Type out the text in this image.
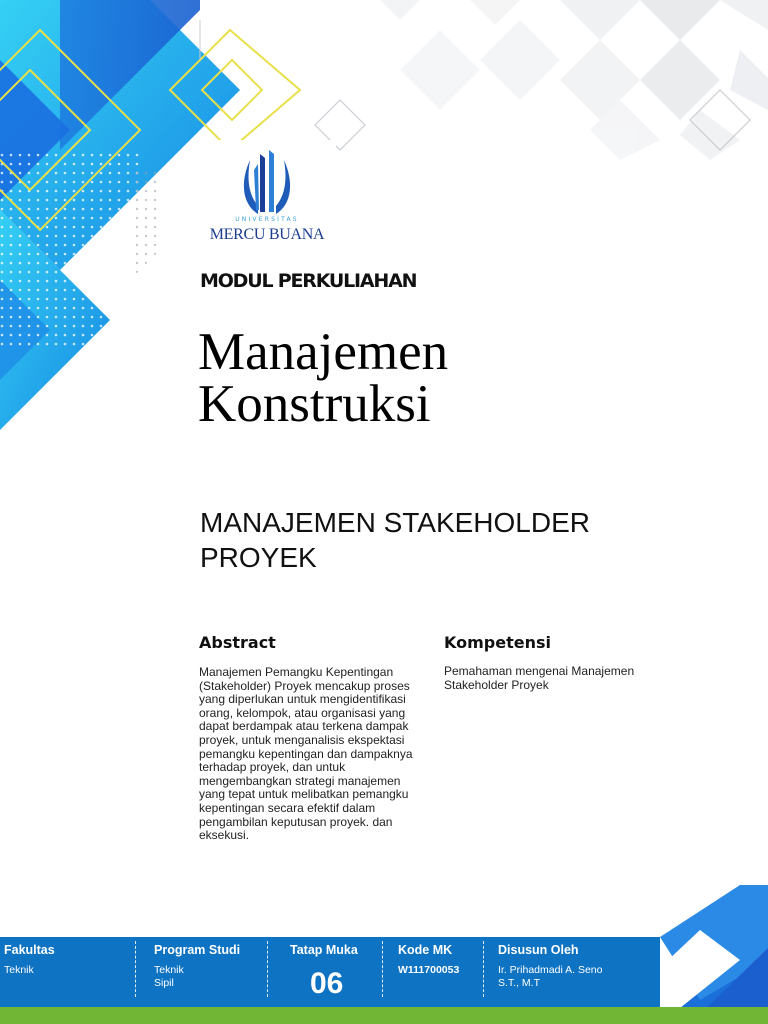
UNIVERSITAS
MERCU BUANA
MODUL PERKULIAHAN
Manajemen
Konstruksi
MANAJEMEN STAKEHOLDER
PROYEK
Abstract
Manajemen Pemangku Kepentingan
(Stakeholder) Proyek mencakup proses
yang diperlukan untuk mengidentifikasi
orang, kelompok, atau organisasi yang
dapat berdampak atau terkena dampak
proyek, untuk menganalisis ekspektasi
pemangku kepentingan dan dampaknya
terhadap proyek, dan untuk
mengembangkan strategi manajemen
yang tepat untuk melibatkan pemangku
kepentingan secara efektif dalam
pengambilan keputusan proyek. dan
eksekusi.
Kompetensi
Pemahaman mengenai Manajemen
Stakeholder Proyek
Fakultas
Teknik
Program Studi
Teknik
Sipil
Tatap Muka
06
Kode MK
W111700053
Disusun Oleh
Ir. Prihadmadi A. Seno
S.T., M.T
